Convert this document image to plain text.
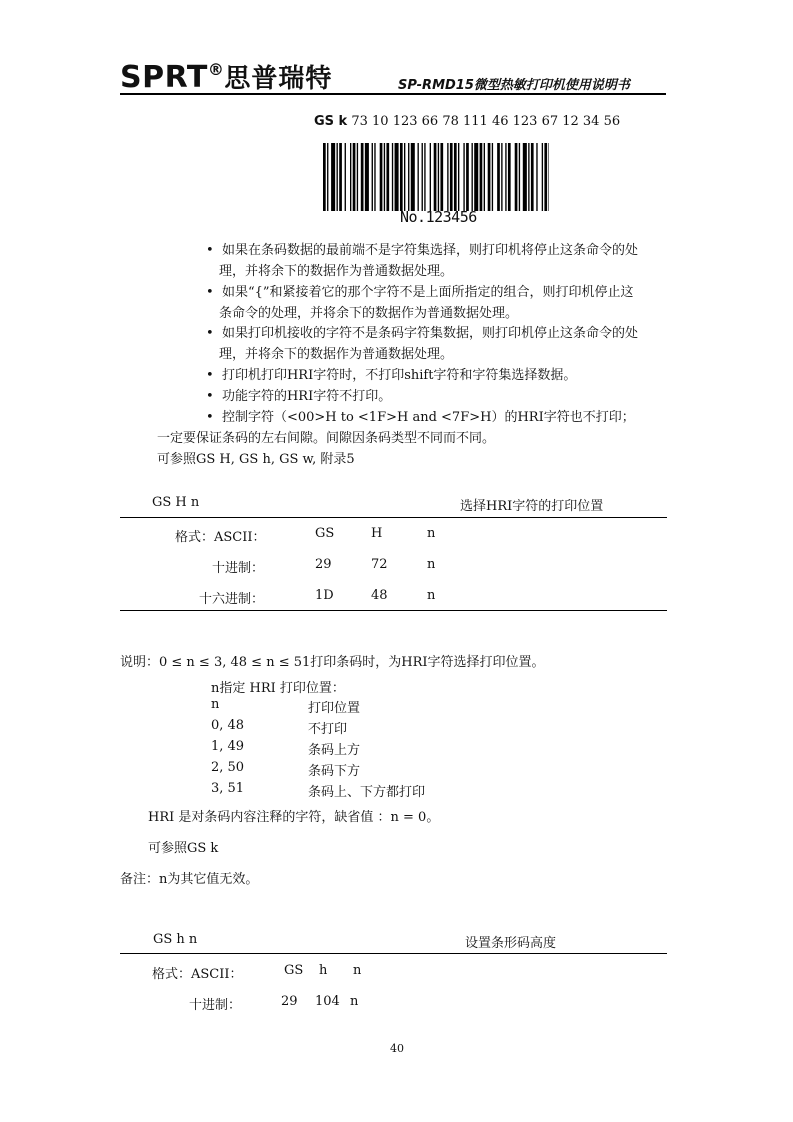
SPRT®思普瑞特	SP-RMD15微型热敏打印机使用说明书
GS k 73 10 123 66 78 111 46 123 67 12 34 56
No.123456
•  如果在条码数据的最前端不是字符集选择，则打印机将停止这条命令的处
理，并将余下的数据作为普通数据处理。
•  如果“{”和紧接着它的那个字符不是上面所指定的组合，则打印机停止这
条命令的处理，并将余下的数据作为普通数据处理。
•  如果打印机接收的字符不是条码字符集数据，则打印机停止这条命令的处
理，并将余下的数据作为普通数据处理。
•  打印机打印HRI字符时，不打印shift字符和字符集选择数据。
•  功能字符的HRI字符不打印。
•  控制字符（<00>H to <1F>H and <7F>H）的HRI字符也不打印；
一定要保证条码的左右间隙。间隙因条码类型不同而不同。
可参照GS H, GS h, GS w, 附录5
GS H n	选择HRI字符的打印位置
格式：ASCII：	GS	H	n
十进制：	29	72	n
十六进制：	1D	48	n
说明：0 ≤ n ≤ 3, 48 ≤ n ≤ 51打印条码时，为HRI字符选择打印位置。
n指定 HRI 打印位置：
n	打印位置
0, 48	不打印
1, 49	条码上方
2, 50	条码下方
3, 51	条码上、下方都打印
HRI 是对条码内容注释的字符，缺省值 ：n = 0。
可参照GS k
备注：n为其它值无效。
GS h n	设置条形码高度
格式：ASCII：	GS h n
十进制：	29 104 n
40
